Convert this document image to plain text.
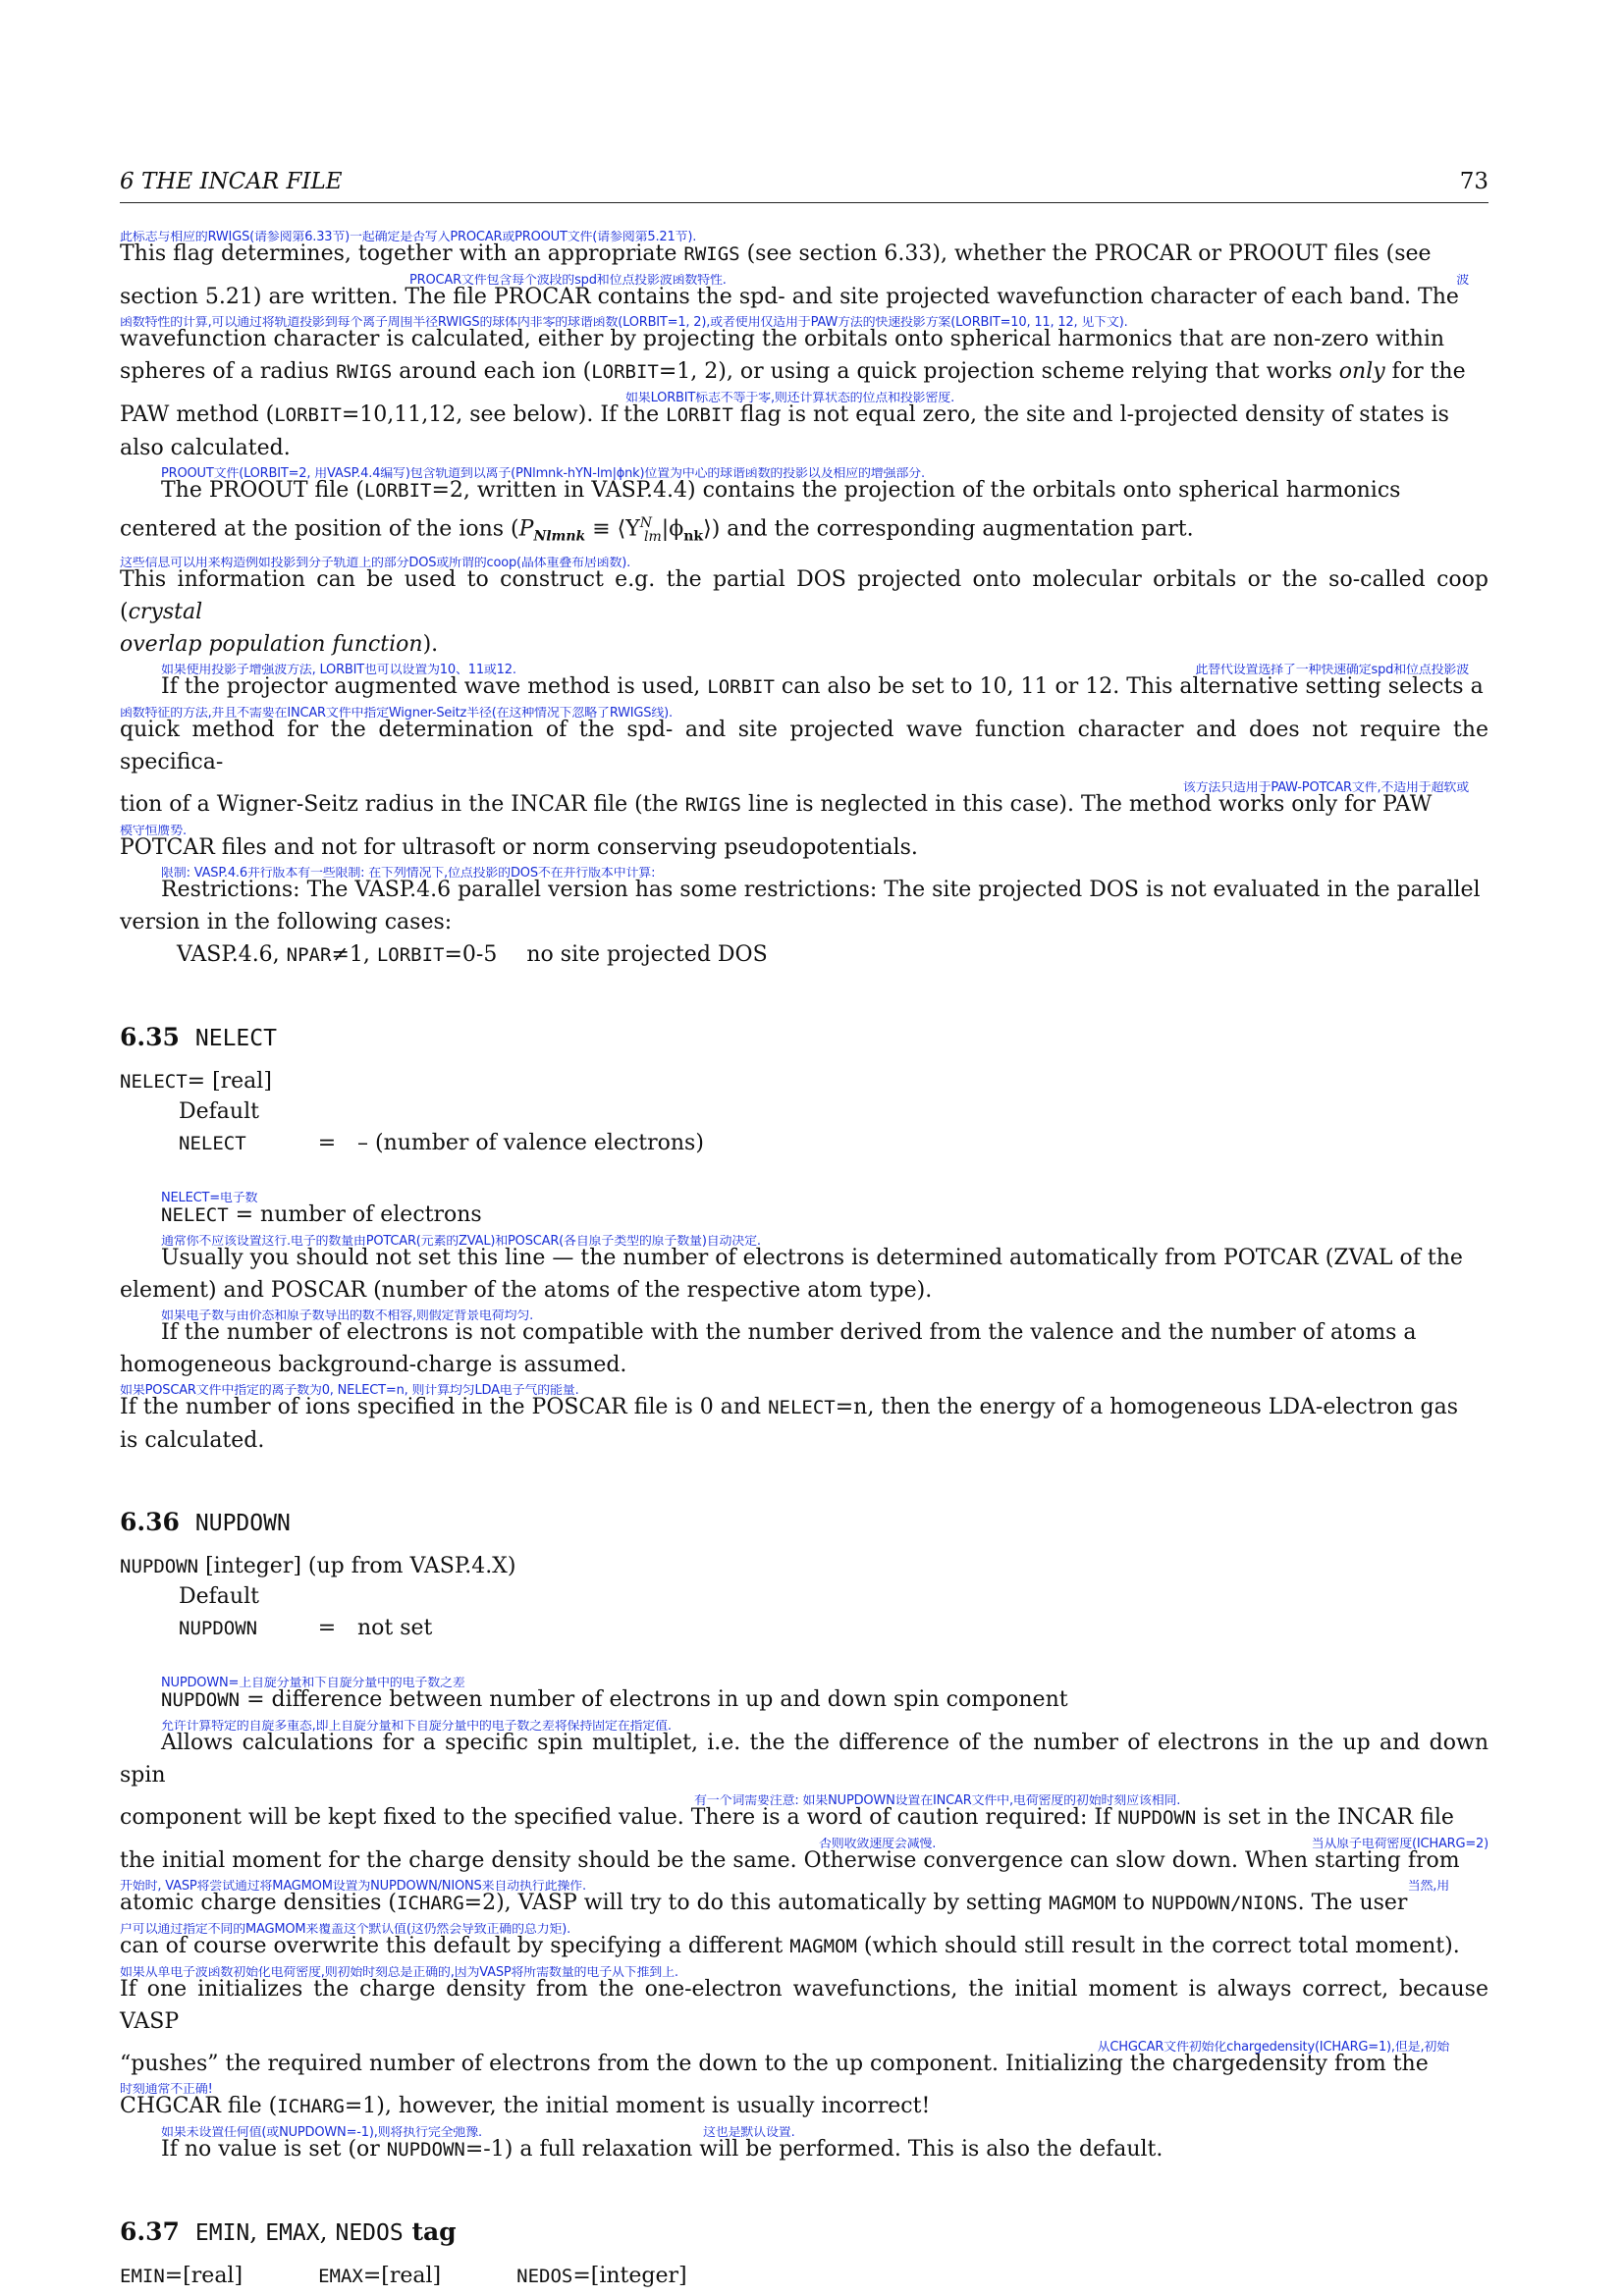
6 THE INCAR FILE	73
此标志与相应的RWIGS(请参阅第6.33节)一起确定是否写入PROCAR或PROOUT文件(请参阅第5.21节).
This flag determines, together with an appropriate RWIGS (see section 6.33), whether the PROCAR or PROOUT files (see
PROCAR文件包含每个波段的spd和位点投影波函数特性.	波
section 5.21) are written. The file PROCAR contains the spd- and site projected wavefunction character of each band. The
函数特性的计算,可以通过将轨道投影到每个离子周围半径RWIGS的球体内非零的球谐函数(LORBIT=1, 2),或者使用仅适用于PAW方法的快速投影方案(LORBIT=10, 11, 12, 见下文).
wavefunction character is calculated, either by projecting the orbitals onto spherical harmonics that are non-zero within
spheres of a radius RWIGS around each ion (LORBIT=1, 2), or using a quick projection scheme relying that works only for the
如果LORBIT标志不等于零,则还计算状态的位点和投影密度.
PAW method (LORBIT=10,11,12, see below). If the LORBIT flag is not equal zero, the site and l-projected density of states is
also calculated.
PROOUT文件(LORBIT=2, 用VASP.4.4编写)包含轨道到以离子(PNlmnk-hYN-lm|ϕnk)位置为中心的球谐函数的投影以及相应的增强部分.
The PROOUT file (LORBIT=2, written in VASP.4.4) contains the projection of the orbitals onto spherical harmonics
centered at the position of the ions ($P_{Nlmnk}$ ≡ $⟨Y^N_{lm}|\phi_{nk}⟩$) and the corresponding augmentation part.
这些信息可以用来构造例如投影到分子轨道上的部分DOS或所谓的coop(晶体重叠布居函数).
This information can be used to construct e.g. the partial DOS projected onto molecular orbitals or the so-called coop (crystal
overlap population function).
如果使用投影子增强波方法, LORBIT也可以设置为10、11或12.	此替代设置选择了一种快速确定spd和位点投影波
If the projector augmented wave method is used, LORBIT can also be set to 10, 11 or 12. This alternative setting selects a
函数特征的方法,并且不需要在INCAR文件中指定Wigner-Seitz半径(在这种情况下忽略了RWIGS线).
quick method for the determination of the spd- and site projected wave function character and does not require the specifica-
该方法只适用于PAW-POTCAR文件,不适用于超软或
tion of a Wigner-Seitz radius in the INCAR file (the RWIGS line is neglected in this case). The method works only for PAW
模守恒赝势.
POTCAR files and not for ultrasoft or norm conserving pseudopotentials.
限制: VASP.4.6并行版本有一些限制: 在下列情况下,位点投影的DOS不在并行版本中计算:
Restrictions: The VASP.4.6 parallel version has some restrictions: The site projected DOS is not evaluated in the parallel
version in the following cases:
VASP.4.6, NPAR≠1, LORBIT=0-5 no site projected DOS
6.35 NELECT
NELECT= [real]
Default
NELECT	= – (number of valence electrons)
NELECT=电子数
NELECT = number of electrons
通常你不应该设置这行.电子的数量由POTCAR(元素的ZVAL)和POSCAR(各自原子类型的原子数量)自动决定.
Usually you should not set this line — the number of electrons is determined automatically from POTCAR (ZVAL of the
element) and POSCAR (number of the atoms of the respective atom type).
如果电子数与由价态和原子数导出的数不相容,则假定背景电荷均匀.
If the number of electrons is not compatible with the number derived from the valence and the number of atoms a
homogeneous background-charge is assumed.
如果POSCAR文件中指定的离子数为0, NELECT=n, 则计算均匀LDA电子气的能量.
If the number of ions specified in the POSCAR file is 0 and NELECT=n, then the energy of a homogeneous LDA-electron gas
is calculated.
6.36 NUPDOWN
NUPDOWN [integer] (up from VASP.4.X)
Default
NUPDOWN	= not set
NUPDOWN=上自旋分量和下自旋分量中的电子数之差
NUPDOWN = difference between number of electrons in up and down spin component
允许计算特定的自旋多重态,即上自旋分量和下自旋分量中的电子数之差将保持固定在指定值.
Allows calculations for a specific spin multiplet, i.e. the the difference of the number of electrons in the up and down spin
有一个词需要注意: 如果NUPDOWN设置在INCAR文件中,电荷密度的初始时刻应该相同.
component will be kept fixed to the specified value. There is a word of caution required: If NUPDOWN is set in the INCAR file
否则收敛速度会减慢.	当从原子电荷密度(ICHARG=2)
the initial moment for the charge density should be the same. Otherwise convergence can slow down. When starting from
开始时, VASP将尝试通过将MAGMOM设置为NUPDOWN/NIONS来自动执行此操作.	当然,用
atomic charge densities (ICHARG=2), VASP will try to do this automatically by setting MAGMOM to NUPDOWN/NIONS. The user
户可以通过指定不同的MAGMOM来覆盖这个默认值(这仍然会导致正确的总力矩).
can of course overwrite this default by specifying a different MAGMOM (which should still result in the correct total moment).
如果从单电子波函数初始化电荷密度,则初始时刻总是正确的,因为VASP将所需数量的电子从下推到上.
If one initializes the charge density from the one-electron wavefunctions, the initial moment is always correct, because VASP
从CHGCAR文件初始化chargedensity(ICHARG=1),但是,初始
“pushes” the required number of electrons from the down to the up component. Initializing the chargedensity from the
时刻通常不正确!
CHGCAR file (ICHARG=1), however, the initial moment is usually incorrect!
如果未设置任何值(或NUPDOWN=-1),则将执行完全弛豫.	这也是默认设置.
If no value is set (or NUPDOWN=-1) a full relaxation will be performed. This is also the default.
6.37 EMIN, EMAX, NEDOS tag
EMIN=[real]	EMAX=[real]	NEDOS=[integer]
